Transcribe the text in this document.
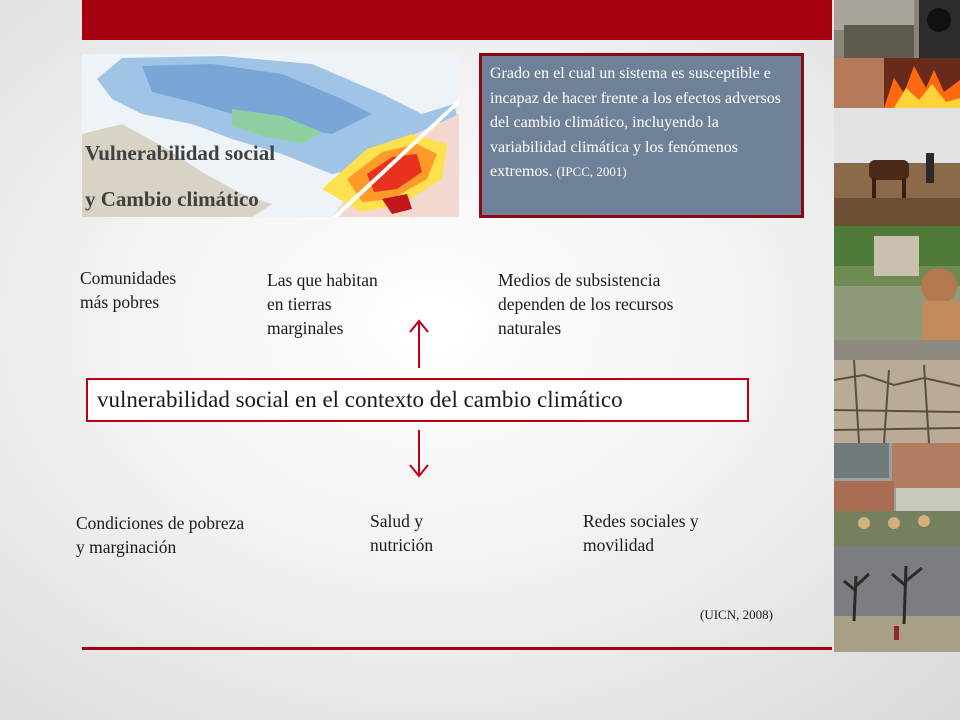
Vulnerabilidad social
y Cambio climático
Grado en el cual un sistema es susceptible e incapaz de hacer frente a los efectos adversos del cambio climático, incluyendo la variabilidad climática y los fenómenos extremos. (IPCC, 2001)
Comunidades
más pobres
Las que habitan
en tierras
marginales
Medios de subsistencia
dependen de los recursos
naturales
vulnerabilidad social en el contexto del cambio climático
Condiciones de pobreza
y marginación
Salud y
nutrición
Redes sociales y
movilidad
(UICN, 2008)
